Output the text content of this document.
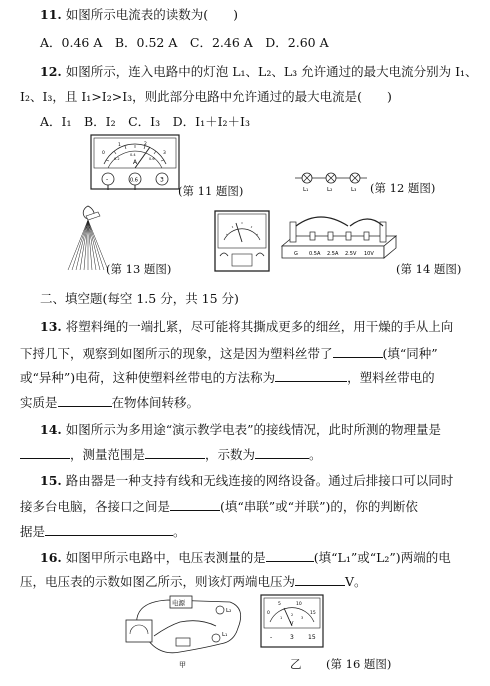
11. 如图所示电流表的读数为(　　)
A．0.46 A　B．0.52 A　C．2.46 A　D．2.60 A
12. 如图所示，连入电路中的灯泡 L₁、L₂、L₃ 允许通过的最大电流分别为 I₁、
I₂、I₃，且 I₁>I₂>I₃，则此部分电路中允许通过的最大电流是(　　)
A．I₁　B．I₂　C．I₃　D．I₁＋I₂＋I₃
A
0
1	2
3
0.2
0.4
0.6
-	0.6	3
(第 11 题图)	L₁	L₂	L₃ (第 12 题图)
(第 13 题图)
G 0.5A 2.5A 2.5V 10V
(第 14 题图)
二、填空题(每空 1.5 分，共 15 分)
13. 将塑料绳的一端扎紧，尽可能将其撕成更多的细丝，用干燥的手从上向
下捋几下，观察到如图所示的现象，这是因为塑料丝带了	(填“同种”
或“异种”)电荷，这种使塑料丝带电的方法称为	，塑料丝带电的
实质是	在物体间转移。
14. 如图所示为多用途“演示教学电表”的接线情况，此时所测的物理量是
，测量范围是	，示数为	。
15. 路由器是一种支持有线和无线连接的网络设备。通过后排接口可以同时
接多台电脑，各接口之间是	(填“串联”或“并联”)的，你的判断依
据是	。
16. 如图甲所示电路中，电压表测量的是	(填“L₁”或“L₂”)两端的电
压，电压表的示数如图乙所示，则该灯两端电压为	V。
电源
L₂
L₁
甲
0
5	10
15
1
2
3
V
-	3 15
乙 (第 16 题图)
